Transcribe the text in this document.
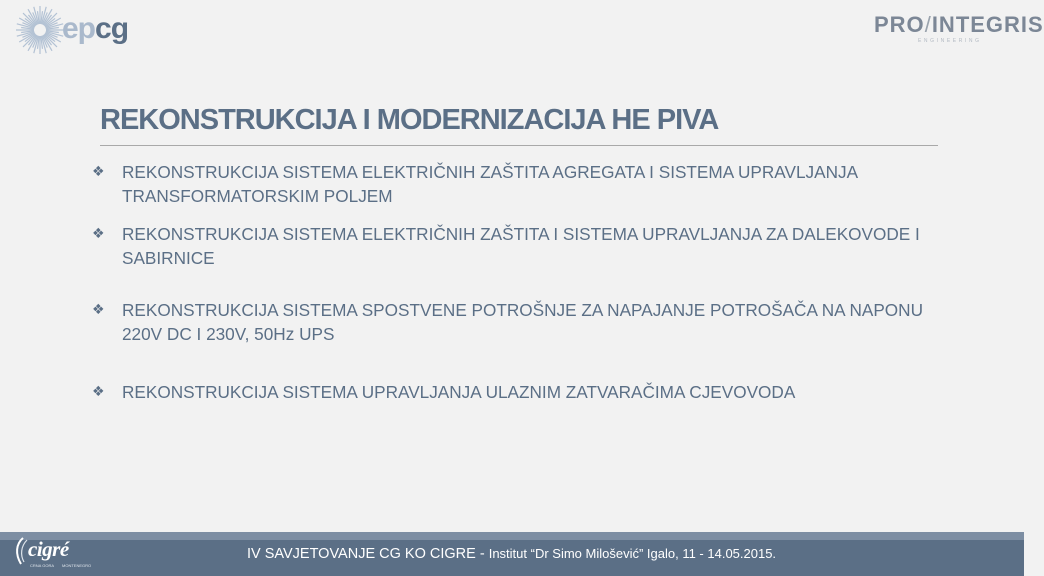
epcg	PRO/INTEGRIS
ENGINEERING
REKONSTRUKCIJA I MODERNIZACIJA HE PIVA
❖	REKONSTRUKCIJA SISTEMA ELEKTRIČNIH ZAŠTITA AGREGATA I SISTEMA UPRAVLJANJA TRANSFORMATORSKIM POLJEM
❖	REKONSTRUKCIJA SISTEMA ELEKTRIČNIH ZAŠTITA I SISTEMA UPRAVLJANJA ZA DALEKOVODE I SABIRNICE
❖	REKONSTRUKCIJA SISTEMA SPOSTVENE POTROŠNJE ZA NAPAJANJE POTROŠAČA NA NAPONU 220V DC I 230V, 50Hz UPS
❖	REKONSTRUKCIJA SISTEMA UPRAVLJANJA ULAZNIM ZATVARAČIMA CJEVOVODA
IV SAVJETOVANJE CG KO CIGRE - Institut “Dr Simo Milošević” Igalo, 11 - 14.05.2015.
cigré
CRNA GORA MONTENEGRO
